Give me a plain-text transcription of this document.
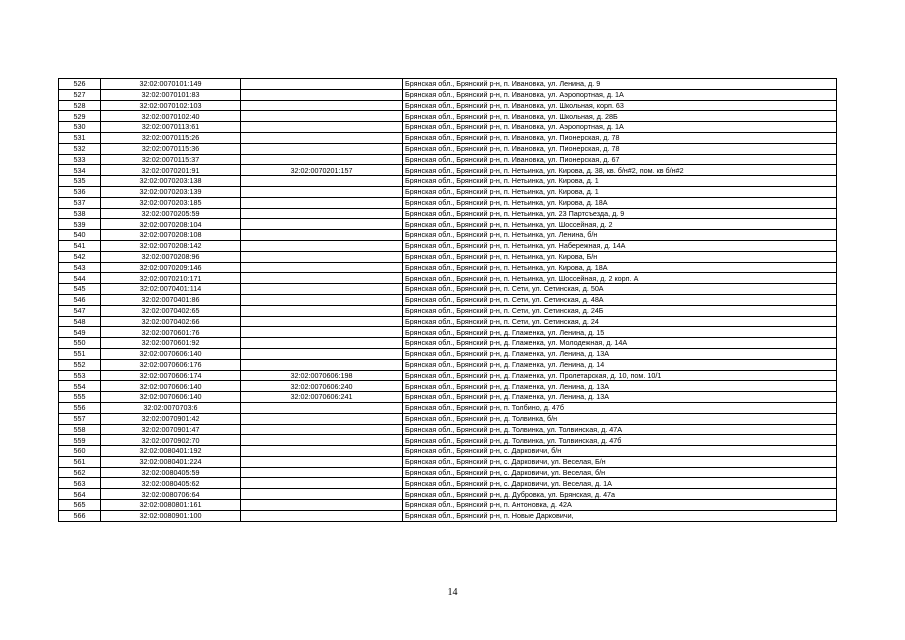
526	32:02:0070101:149		Брянская обл., Брянский р-н, п. Ивановка, ул. Ленина, д. 9
527	32:02:0070101:83		Брянская обл., Брянский р-н, п. Ивановка, ул. Аэропортная, д. 1А
528	32:02:0070102:103		Брянская обл., Брянский р-н, п. Ивановка, ул. Школьная, корп. 63
529	32:02:0070102:40		Брянская обл., Брянский р-н, п. Ивановка, ул. Школьная, д. 28Б
530	32:02:0070113:61		Брянская обл., Брянский р-н, п. Ивановка, ул. Аэропортная, д. 1А
531	32:02:0070115:26		Брянская обл., Брянский р-н, п. Ивановка, ул. Пионерская, д. 78
532	32:02:0070115:36		Брянская обл., Брянский р-н, п. Ивановка, ул. Пионерская, д. 78
533	32:02:0070115:37		Брянская обл., Брянский р-н, п. Ивановка, ул. Пионерская, д. 67
534	32:02:0070201:91	32:02:0070201:157	Брянская обл., Брянский р-н, п. Нетьинка, ул. Кирова, д. 38, кв. б/н#2, пом. кв б/н#2
535	32:02:0070203:138		Брянская обл., Брянский р-н, п. Нетьинка, ул. Кирова, д. 1
536	32:02:0070203:139		Брянская обл., Брянский р-н, п. Нетьинка, ул. Кирова, д. 1
537	32:02:0070203:185		Брянская обл., Брянский р-н, п. Нетьинка, ул. Кирова, д. 18А
538	32:02:0070205:59		Брянская обл., Брянский р-н, п. Нетьинка, ул. 23 Партсъезда, д. 9
539	32:02:0070208:104		Брянская обл., Брянский р-н, п. Нетьинка, ул. Шоссейная, д. 2
540	32:02:0070208:108		Брянская обл., Брянский р-н, п. Нетьинка, ул. Ленина, б/н
541	32:02:0070208:142		Брянская обл., Брянский р-н, п. Нетьинка, ул. Набережная, д. 14А
542	32:02:0070208:96		Брянская обл., Брянский р-н, п. Нетьинка, ул. Кирова, Б/н
543	32:02:0070209:146		Брянская обл., Брянский р-н, п. Нетьинка, ул. Кирова, д. 18А
544	32:02:0070210:171		Брянская обл., Брянский р-н, п. Нетьинка, ул. Шоссейная, д. 2 корп. А
545	32:02:0070401:114		Брянская обл., Брянский р-н, п. Сети, ул. Сетинская, д. 50А
546	32:02:0070401:86		Брянская обл., Брянский р-н, п. Сети, ул. Сетинская, д. 48А
547	32:02:0070402:65		Брянская обл., Брянский р-н, п. Сети, ул. Сетинская, д. 24Б
548	32:02:0070402:66		Брянская обл., Брянский р-н, п. Сети, ул. Сетинская, д. 24
549	32:02:0070601:76		Брянская обл., Брянский р-н, д. Глаженка, ул. Ленина, д. 15
550	32:02:0070601:92		Брянская обл., Брянский р-н, д. Глаженка, ул. Молодежная, д. 14А
551	32:02:0070606:140		Брянская обл., Брянский р-н, д. Глаженка, ул. Ленина, д. 13А
552	32:02:0070606:176		Брянская обл., Брянский р-н, д. Глаженка, ул. Ленина, д. 14
553	32:02:0070606:174	32:02:0070606:198	Брянская обл., Брянский р-н, д. Глаженка, ул. Пролетарская, д. 10, пом. 10/1
554	32:02:0070606:140	32:02:0070606:240	Брянская обл., Брянский р-н, д. Глаженка, ул. Ленина, д. 13А
555	32:02:0070606:140	32:02:0070606:241	Брянская обл., Брянский р-н, д. Глаженка, ул. Ленина, д. 13А
556	32:02:0070703:6		Брянская обл., Брянский р-н, п. Толбино, д. 47б
557	32:02:0070901:42		Брянская обл., Брянский р-н, д. Толвинка, б/н
558	32:02:0070901:47		Брянская обл., Брянский р-н, д. Толвинка, ул. Толвинская, д. 47А
559	32:02:0070902:70		Брянская обл., Брянский р-н, д. Толвинка, ул. Толвинская, д. 47б
560	32:02:0080401:192		Брянская обл., Брянский р-н, с. Дарковичи, б/н
561	32:02:0080401:224		Брянская обл., Брянский р-н, с. Дарковичи, ул. Веселая, Б/н
562	32:02:0080405:59		Брянская обл., Брянский р-н, с. Дарковичи, ул. Веселая, б/н
563	32:02:0080405:62		Брянская обл., Брянский р-н, с. Дарковичи, ул. Веселая, д. 1А
564	32:02:0080706:64		Брянская обл., Брянский р-н, д. Дубровка, ул. Брянская, д. 47а
565	32:02:0080801:161		Брянская обл., Брянский р-н, п. Антоновка, д. 42А
566	32:02:0080901:100		Брянская обл., Брянский р-н, п. Новые Дарковичи,
14
